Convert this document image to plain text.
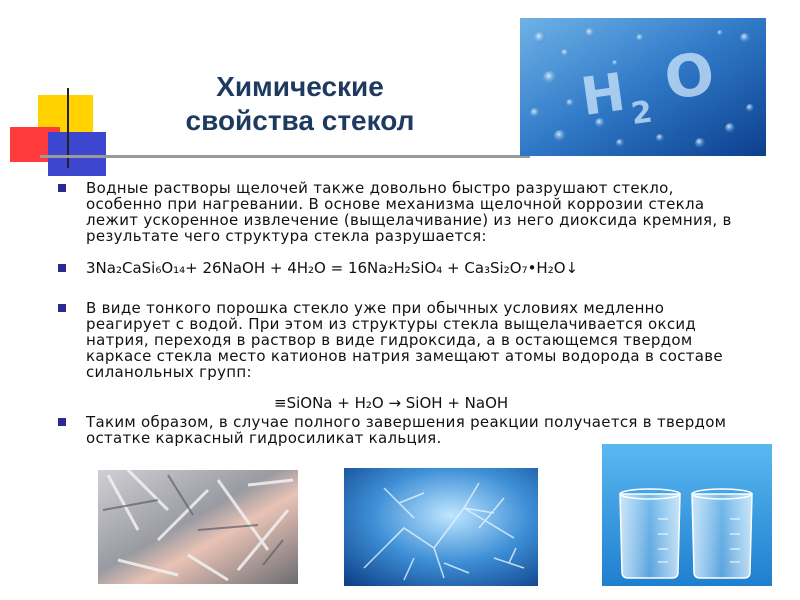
Химические
свойства стекол	H 2
O
Водные растворы щелочей также довольно быстро разрушают стекло, особенно при нагревании. В основе механизма щелочной коррозии стекла лежит ускоренное извлечение (выщелачивание) из него диоксида кремния, в результате чего структура стекла разрушается:
3Na₂CaSi₆O₁₄+ 26NaOH + 4H₂O = 16Na₂H₂SiO₄ + Ca₃Si₂O₇•H₂O↓
В виде тонкого порошка стекло уже при обычных условиях медленно реагирует с водой. При этом из структуры стекла выщелачивается оксид натрия, переходя в раствор в виде гидроксида, а в остающемся твердом каркасе стекла место катионов натрия замещают атомы водорода в составе силанольных групп:
≡SiONa + H₂O → SiOH + NaOH
Таким образом, в случае полного завершения реакции получается в твердом остатке каркасный гидросиликат кальция.
